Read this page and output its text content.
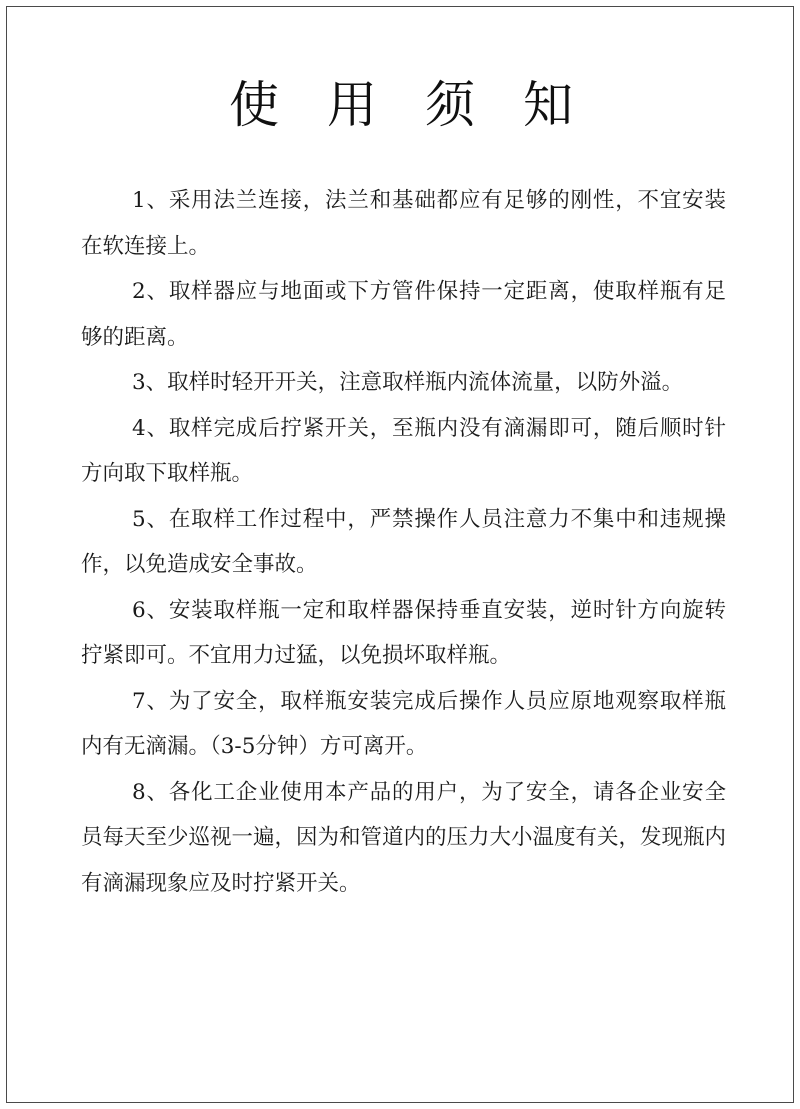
使用须知
1、采用法兰连接，法兰和基础都应有足够的刚性，不宜安装在软连接上。
2、取样器应与地面或下方管件保持一定距离，使取样瓶有足够的距离。
3、取样时轻开开关，注意取样瓶内流体流量，以防外溢。
4、取样完成后拧紧开关，至瓶内没有滴漏即可，随后顺时针方向取下取样瓶。
5、在取样工作过程中，严禁操作人员注意力不集中和违规操作，以免造成安全事故。
6、安装取样瓶一定和取样器保持垂直安装，逆时针方向旋转拧紧即可。不宜用力过猛，以免损坏取样瓶。
7、为了安全，取样瓶安装完成后操作人员应原地观察取样瓶内有无滴漏。（3-5分钟）方可离开。
8、各化工企业使用本产品的用户，为了安全，请各企业安全员每天至少巡视一遍，因为和管道内的压力大小温度有关，发现瓶内有滴漏现象应及时拧紧开关。
